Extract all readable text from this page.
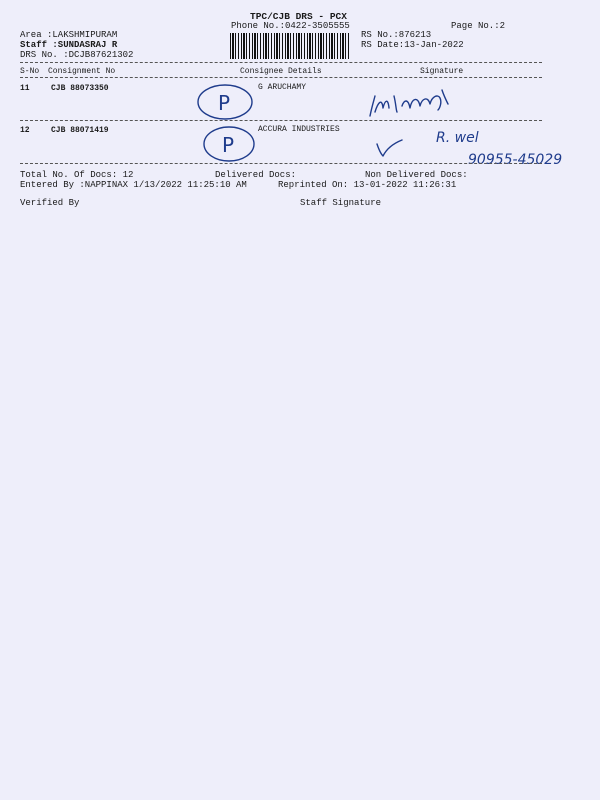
TPC/CJB DRS - PCX
Phone No.:0422-3505555	Page No.:2
Area :LAKSHMIPURAM
Staff :SUNDASRAJ R
DRS No. :DCJB87621302
RS No.:876213
RS Date:13-Jan-2022
S-No Consignment No	Consignee Details	Signature
11	CJB 88073350	G ARUCHAMY
P
12	CJB 88071419	ACCURA INDUSTRIES
P	R. wel
90955-45029
Total No. Of Docs: 12	Delivered Docs:	Non Delivered Docs:
Entered By :NAPPINAX 1/13/2022 11:25:10 AM	Reprinted On: 13-01-2022 11:26:31
Verified By	Staff Signature
